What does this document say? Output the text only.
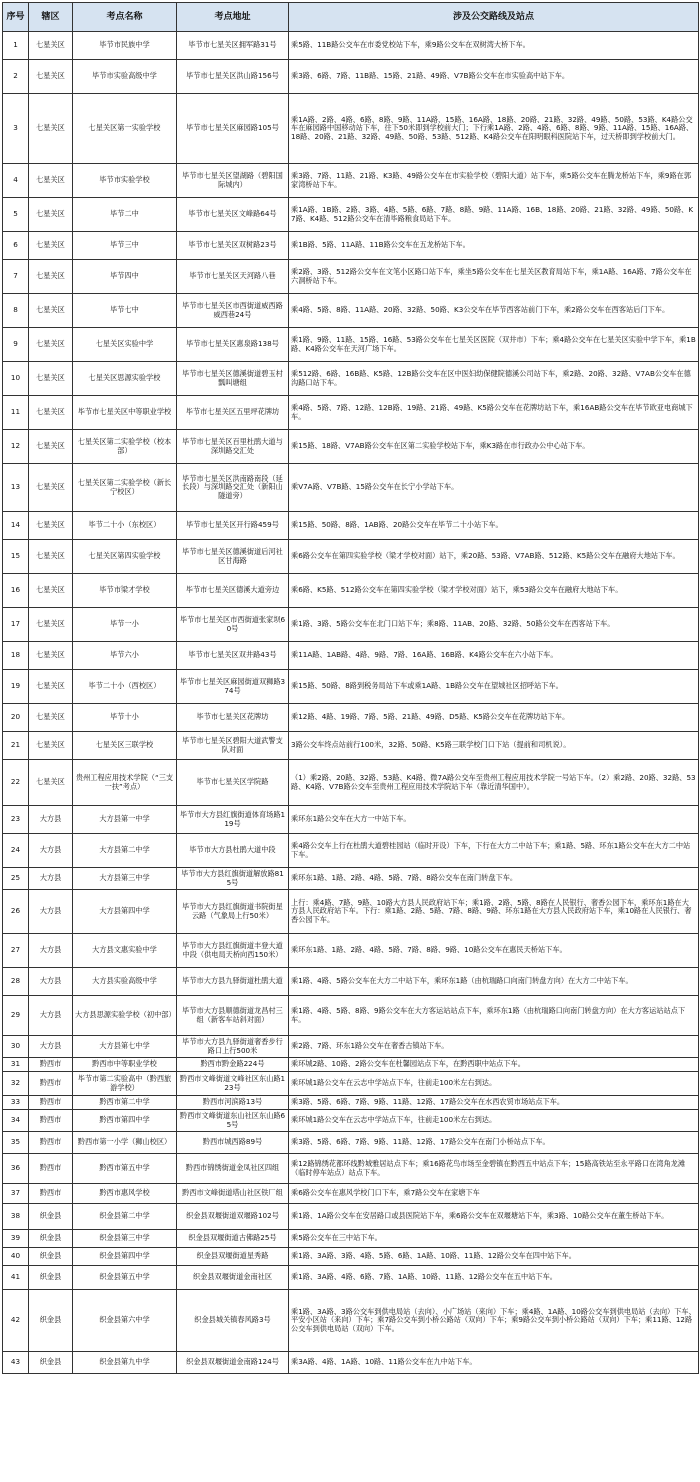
序号	辖区	考点名称	考点地址	涉及公交路线及站点
1	七星关区	毕节市民族中学	毕节市七星关区拥军路31号	乘5路、11B路公交车在市委党校站下车，乘9路公交车在双树湾大桥下车。
2	七星关区	毕节市实验高级中学	毕节市七星关区洪山路156号	乘3路、6路、7路、11B路、15路、21路、49路、V7B路公交车在市实验高中站下车。
3	七星关区	七星关区第一实验学校	毕节市七星关区麻园路105号	乘1A路、2路、4路、6路、8路、9路、11A路、15路、16A路、18路、20路、21路、32路、49路、50路、53路、K4路公交车在麻园路中国移动站下车，往下50米即到学校前大门；下行乘1A路、2路、4路、6路、8路、9路、11A路、15路、16A路、18路、20路、21路、32路、49路、50路、53路、512路、K4路公交车在阳明眼科医院站下车，过天桥即到学校前大门。
4	七星关区	毕节市实验学校	毕节市七星关区望湖路（碧阳国际城内）	乘3路、7路、11路、21路、K3路、49路公交车在市实验学校（碧阳大道）站下车，乘5路公交车在腾龙桥站下车，乘9路在郭家湾桥站下车。
5	七星关区	毕节二中	毕节市七星关区文峰路64号	乘1A路、1B路、2路、3路、4路、5路、6路、7路、8路、9路、11A路、16B、18路、20路、21路、32路、49路、50路、K7路、K4路、512路公交车在清毕路粮食局站下车。
6	七星关区	毕节三中	毕节市七星关区双树路23号	乘1B路、5路、11A路、11B路公交车在五龙桥站下车。
7	七星关区	毕节四中	毕节市七星关区天河路八巷	乘2路、3路、512路公交车在文笔小区路口站下车，乘坐5路公交车在七星关区教育局站下车，乘1A路、16A路、7路公交车在六洞桥站下车。
8	七星关区	毕节七中	毕节市七星关区市西街道威西路威西巷24号	乘4路、5路、8路、11A路、20路、32路、50路、K3公交车在毕节西客站前门下车，乘2路公交车在西客站后门下车。
9	七星关区	七星关区实验中学	毕节市七星关区惠泉路138号	乘1路、9路、11路、15路、16路、53路公交车在七星关区医院（双井市）下车；乘4路公交车在七星关区实验中学下车，乘1B路、K4路公交车在天河广场下车。
10	七星关区	七星关区思源实验学校	毕节市七星关区德溪街道碧玉村瓢叫塘组	乘512路、6路、16B路、K5路、12B路公交车在区中医妇幼保健院德溪公司站下车，乘2路、20路、32路、V7AB公交车在德沟路口站下车。
11	七星关区	毕节市七星关区中等职业学校	毕节市七星关区五里坪花牌坊	乘4路、5路、7路、12路、12B路、19路、21路、49路、K5路公交车在花牌坊站下车，乘16AB路公交车在毕节欧亚电商城下车。
12	七星关区	七星关区第二实验学校（校本部）	毕节市七星关区百里杜鹃大道与深圳路交汇处	乘15路、18路、V7AB路公交车在区第二实验学校站下车，乘K3路在市行政办公中心站下车。
13	七星关区	七星关区第二实验学校（新长宁校区）	毕节市七星关区洪南路南段（延长段）与深圳路交汇处（新阳山隧道旁）	乘V7A路、V7B路、15路公交车在长宁小学站下车。
14	七星关区	毕节二十小（东校区）	毕节市七星关区开行路459号	乘15路、50路、8路、1AB路、20路公交车在毕节二十小站下车。
15	七星关区	七星关区第四实验学校	毕节市七星关区德溪街道后河社区甘海路	乘6路公交车在第四实验学校（梁才学校对面）站下，乘20路、53路、V7AB路、512路、K5路公交车在融府大地站下车。
16	七星关区	毕节市梁才学校	毕节市七星关区德溪大道旁边	乘6路、K5路、512路公交车在第四实验学校（梁才学校对面）站下，乘53路公交车在融府大地站下车。
17	七星关区	毕节一小	毕节市七星关区市西街道张家坝60号	乘1路、3路、5路公交车在北门口站下车；乘8路、11AB、20路、32路、50路公交车在西客站下车。
18	七星关区	毕节六小	毕节市七星关区双井路43号	乘11A路、1AB路、4路、9路、7路、16A路、16B路、K4路公交车在六小站下车。
19	七星关区	毕节二十小（西校区）	毕节市七星关区麻园街道双狮路374号	乘15路、50路、8路到税务局站下车或乘1A路、1B路公交车在望城社区招呼站下车。
20	七星关区	毕节十小	毕节市七星关区花牌坊	乘12路、4路、19路、7路、5路、21路、49路、D5路、K5路公交车在花牌坊站下车。
21	七星关区	七星关区三联学校	毕节市七星关区碧阳大道武警支队对面	3路公交车终点站前行100米，32路、50路、K5路三联学校门口下站（提前和司机说）。
22	七星关区	贵州工程应用技术学院（“三支一扶”考点）	毕节市七星关区学院路	（1）乘2路、20路、32路、53路、K4路、微7A路公交车至贵州工程应用技术学院一号站下车。（2）乘2路、20路、32路、53路、K4路、V7B路公交车至贵州工程应用技术学院站下车（靠近清华国中）。
23	大方县	大方县第一中学	毕节市大方县红旗街道体育场路119号	乘环东1路公交车在大方一中站下车。
24	大方县	大方县第二中学	毕节市大方县杜鹃大道中段	乘4路公交车上行在杜鹃大道碧桂园站（临时开设）下车，下行在大方二中站下车；乘1路、5路、环东1路公交车在大方二中站下车。
25	大方县	大方县第三中学	毕节市大方县红旗街道解放路815号	乘环东1路、1路、2路、4路、5路、7路、8路公交车在南门转盘下车。
26	大方县	大方县第四中学	毕节市大方县红旗街道书院街星云路（气象局上行50米）	上行：乘4路、7路、9路、10路大方县人民政府站下车；乘1路、2路、5路、8路在人民银行、奢香公园下车，乘环东1路在大方县人民政府站下车。下行：乘1路、2路、5路、7路、8路、9路、环东1路在大方县人民政府站下车，乘10路在人民银行、奢香公园下车。
27	大方县	大方县文惠实验中学	毕节市大方县红旗街道丰登大道中段（供电局天桥向西150米）	乘环东1路、1路、2路、4路、5路、7路、8路、9路、10路公交车在惠民天桥站下车。
28	大方县	大方县实验高级中学	毕节市大方县九驿街道杜鹃大道	乘1路、4路、5路公交车在大方二中站下车，乘环东1路（由杭瑞路口向南门转盘方向）在大方二中站下车。
29	大方县	大方县思源实验学校（初中部）	毕节市大方县顺德街道龙昌村三组（新客车站斜对面）	乘1路、4路、5路、8路、9路公交车在大方客运站站点下车，乘环东1路（由杭瑞路口向南门转盘方向）在大方客运站站点下车。
30	大方县	大方县第七中学	毕节市大方县九驿街道奢香步行路口上行500米	乘2路、7路、环东1路公交车在奢香古镇站下车。
31	黔西市	黔西市中等职业学校	黔西市黔金路224号	乘环城2路、10路、2路公交车在杜馨园站点下车，在黔西职中站点下车。
32	黔西市	毕节市第二实验高中（黔西旅游学校）	黔西市文峰街道文峰社区东山路123号	乘环城1路公交车在云志中学站点下车，往前走100米左右到达。
33	黔西市	黔西市第二中学	黔西市河滨路13号	乘3路、5路、6路、7路、9路、11路、12路、17路公交车在水西农贸市场站点下车。
34	黔西市	黔西市第四中学	黔西市文峰街道东山社区东山路65号	乘环城1路公交车在云志中学站点下车，往前走100米左右到达。
35	黔西市	黔西市第一小学（狮山校区）	黔西市城西路89号	乘3路、5路、6路、7路、9路、11路、12路、17路公交车在南门小桥站点下车。
36	黔西市	黔西市第五中学	黔西市锦绣街道金凤社区四组	乘12路锦绣花都环线黔城雅居站点下车；乘16路花鸟市场至金碧镇在黔西五中站点下车；15路高铁站至永平路口在湾角龙滩（临时停车站点）站点下车。
37	黔西市	黔西市惠风学校	黔西市文峰街道塔山社区铁厂组	乘6路公交车在惠风学校门口下车，乘7路公交车在家塘下车
38	织金县	织金县第二中学	织金县双堰街道双堰路102号	乘1路、1A路公交车在安居路口或县医院站下车，乘6路公交车在双堰塘站下车，乘3路、10路公交车在董生桥站下车。
39	织金县	织金县第三中学	织金县双堰街道古佛路25号	乘5路公交车在三中站下车。
40	织金县	织金县第四中学	织金县双堰街道星秀路	乘1路、3A路、3路、4路、5路、6路、1A路、10路、11路、12路公交车在四中站下车。
41	织金县	织金县第五中学	织金县双堰街道金南社区	乘1路、3A路、4路、6路、7路、1A路、10路、11路、12路公交车在五中站下车。
42	织金县	织金县第六中学	织金县城关镇春风路3号	乘1路、3A路、3路公交车到供电局站（去向）、小广场站（来向）下车；乘4路、1A路、10路公交车到供电局站（去向）下车、平安小区站（来向）下车；乘7路公交车到小桥公路站（双向）下车；乘9路公交车到小桥公路站（双向）下车；乘11路、12路公交车到供电局站（双向）下车。
43	织金县	织金县第九中学	织金县双堰街道金南路124号	乘3A路、4路、1A路、10路、11路公交车在九中站下车。
